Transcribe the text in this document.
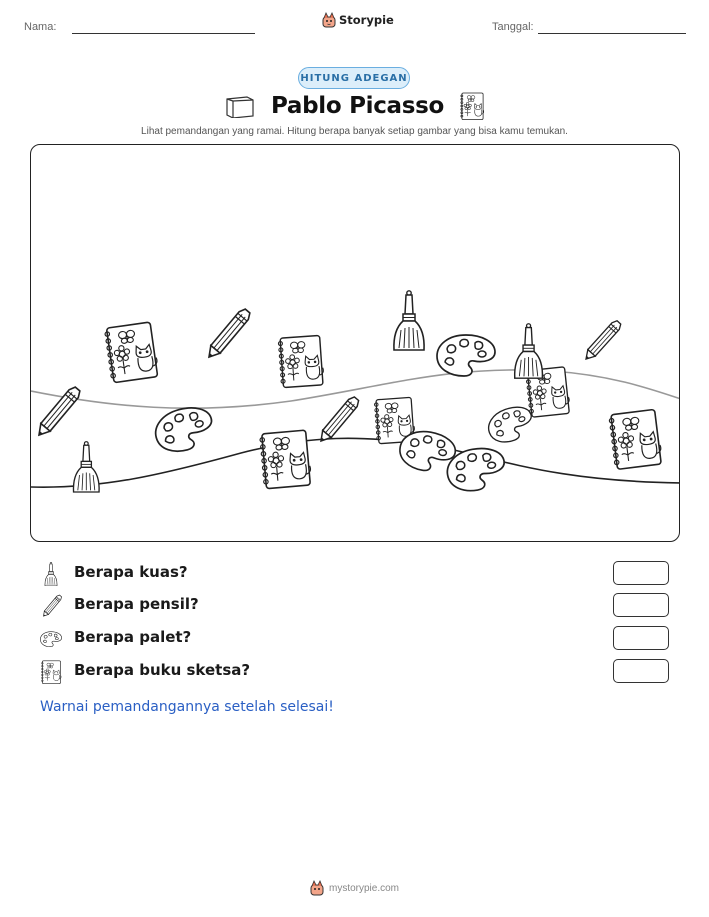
Nama:	Storypie	Tanggal:
HITUNG ADEGAN
Pablo Picasso
Lihat pemandangan yang ramai. Hitung berapa banyak setiap gambar yang bisa kamu temukan.
Berapa kuas?
Berapa pensil?
Berapa palet?
Berapa buku sketsa?
Warnai pemandangannya setelah selesai!
mystorypie.com
